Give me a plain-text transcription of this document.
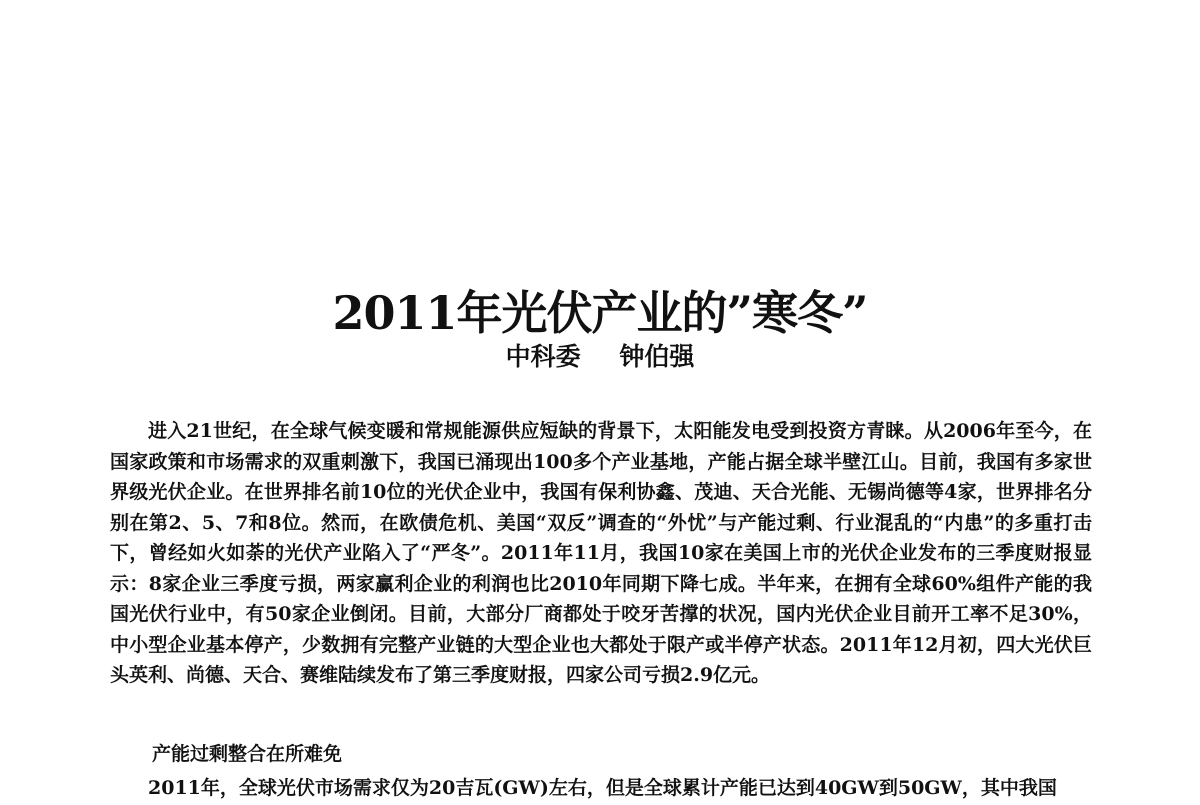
2011年光伏产业的”寒冬”
中科委 钟伯强

进入21世纪，在全球气候变暖和常规能源供应短缺的背景下，太阳能发电受到投资方青睐。从2006年至今，在国家政策和市场需求的双重刺激下，我国已涌现出100多个产业基地，产能占据全球半壁江山。目前，我国有多家世界级光伏企业。在世界排名前10位的光伏企业中，我国有保利协鑫、茂迪、天合光能、无锡尚德等4家，世界排名分别在第2、5、7和8位。然而，在欧债危机、美国“双反”调查的“外忧”与产能过剩、行业混乱的“内患”的多重打击下，曾经如火如荼的光伏产业陷入了“严冬”。2011年11月，我国10家在美国上市的光伏企业发布的三季度财报显示：8家企业三季度亏损，两家赢利企业的利润也比2010年同期下降七成。半年来，在拥有全球60%组件产能的我国光伏行业中，有50家企业倒闭。目前，大部分厂商都处于咬牙苦撑的状况，国内光伏企业目前开工率不足30%，中小型企业基本停产，少数拥有完整产业链的大型企业也大都处于限产或半停产状态。2011年12月初，四大光伏巨头英利、尚德、天合、赛维陆续发布了第三季度财报，四家公司亏损2.9亿元。

产能过剩整合在所难免

2011年，全球光伏市场需求仅为20吉瓦(GW)左右，但是全球累计产能已达到40GW到50GW，其中我国
